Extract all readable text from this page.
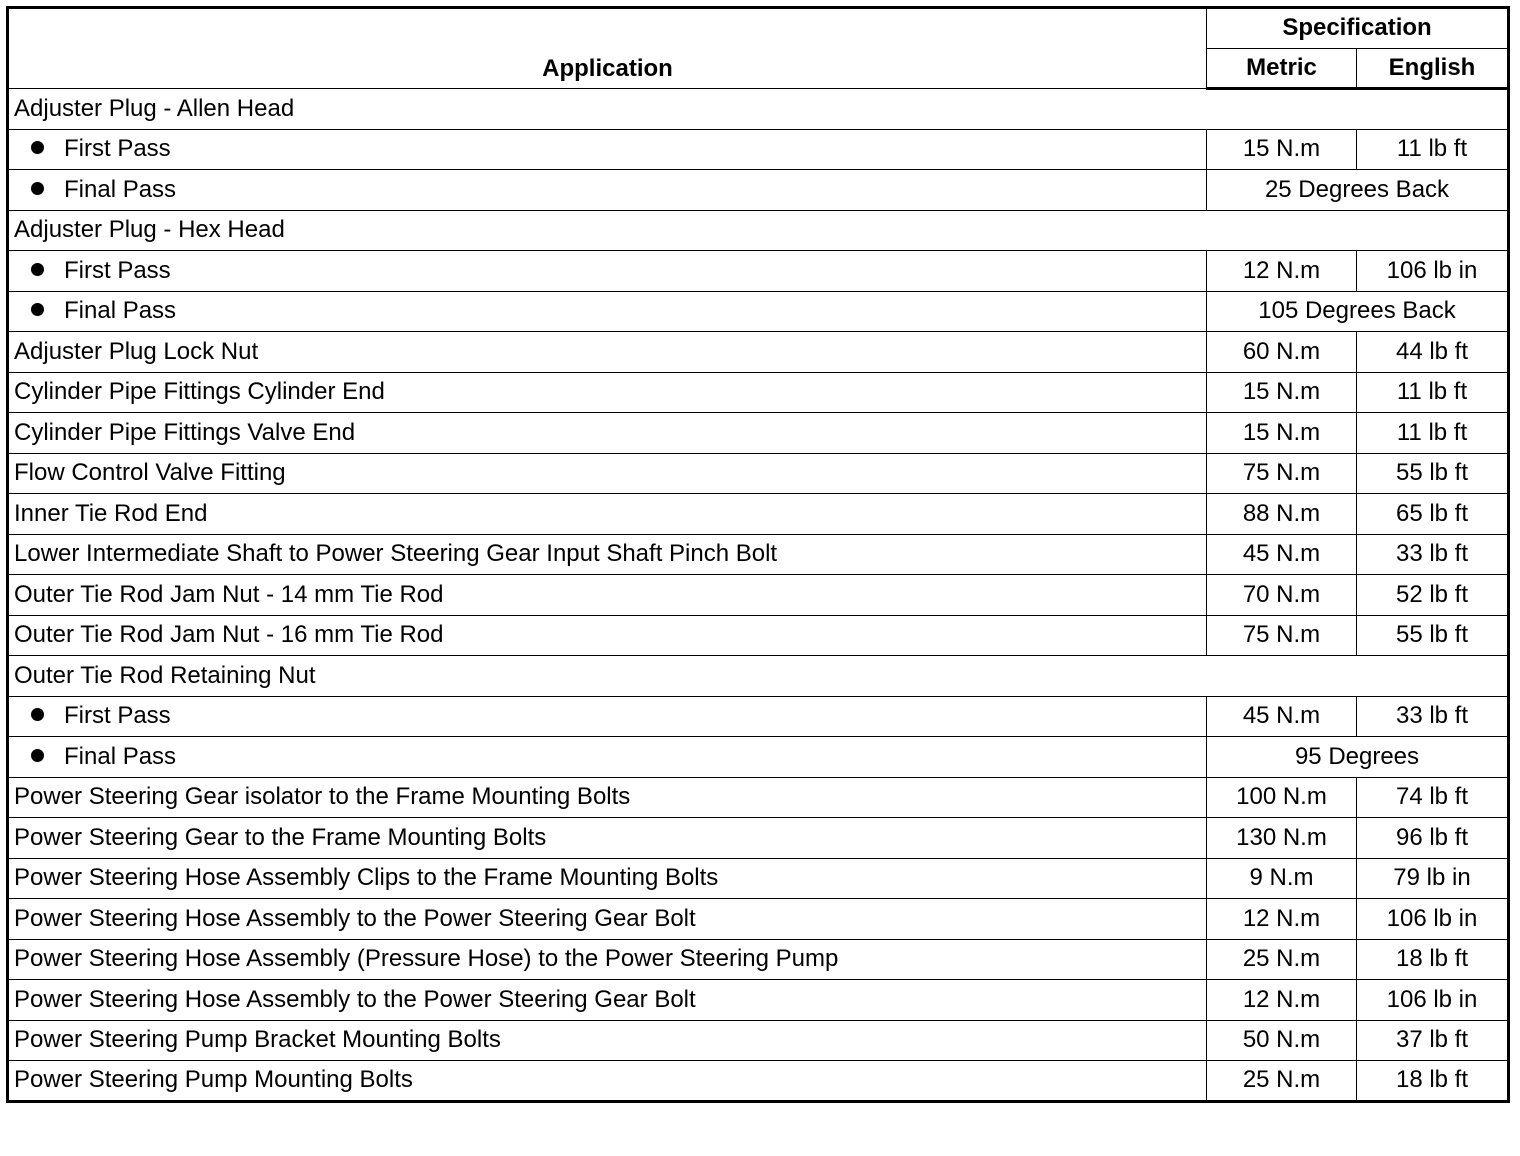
Application	Specification	
	Metric	English
Adjuster Plug - Allen Head		
First Pass	15 N.m	11 lb ft
Final Pass	25 Degrees Back	
Adjuster Plug - Hex Head		
First Pass	12 N.m	106 lb in
Final Pass	105 Degrees Back	
Adjuster Plug Lock Nut	60 N.m	44 lb ft
Cylinder Pipe Fittings Cylinder End	15 N.m	11 lb ft
Cylinder Pipe Fittings Valve End	15 N.m	11 lb ft
Flow Control Valve Fitting	75 N.m	55 lb ft
Inner Tie Rod End	88 N.m	65 lb ft
Lower Intermediate Shaft to Power Steering Gear Input Shaft Pinch Bolt	45 N.m	33 lb ft
Outer Tie Rod Jam Nut - 14 mm Tie Rod	70 N.m	52 lb ft
Outer Tie Rod Jam Nut - 16 mm Tie Rod	75 N.m	55 lb ft
Outer Tie Rod Retaining Nut		
First Pass	45 N.m	33 lb ft
Final Pass	95 Degrees	
Power Steering Gear isolator to the Frame Mounting Bolts	100 N.m	74 lb ft
Power Steering Gear to the Frame Mounting Bolts	130 N.m	96 lb ft
Power Steering Hose Assembly Clips to the Frame Mounting Bolts	9 N.m	79 lb in
Power Steering Hose Assembly to the Power Steering Gear Bolt	12 N.m	106 lb in
Power Steering Hose Assembly (Pressure Hose) to the Power Steering Pump	25 N.m	18 lb ft
Power Steering Hose Assembly to the Power Steering Gear Bolt	12 N.m	106 lb in
Power Steering Pump Bracket Mounting Bolts	50 N.m	37 lb ft
Power Steering Pump Mounting Bolts	25 N.m	18 lb ft
